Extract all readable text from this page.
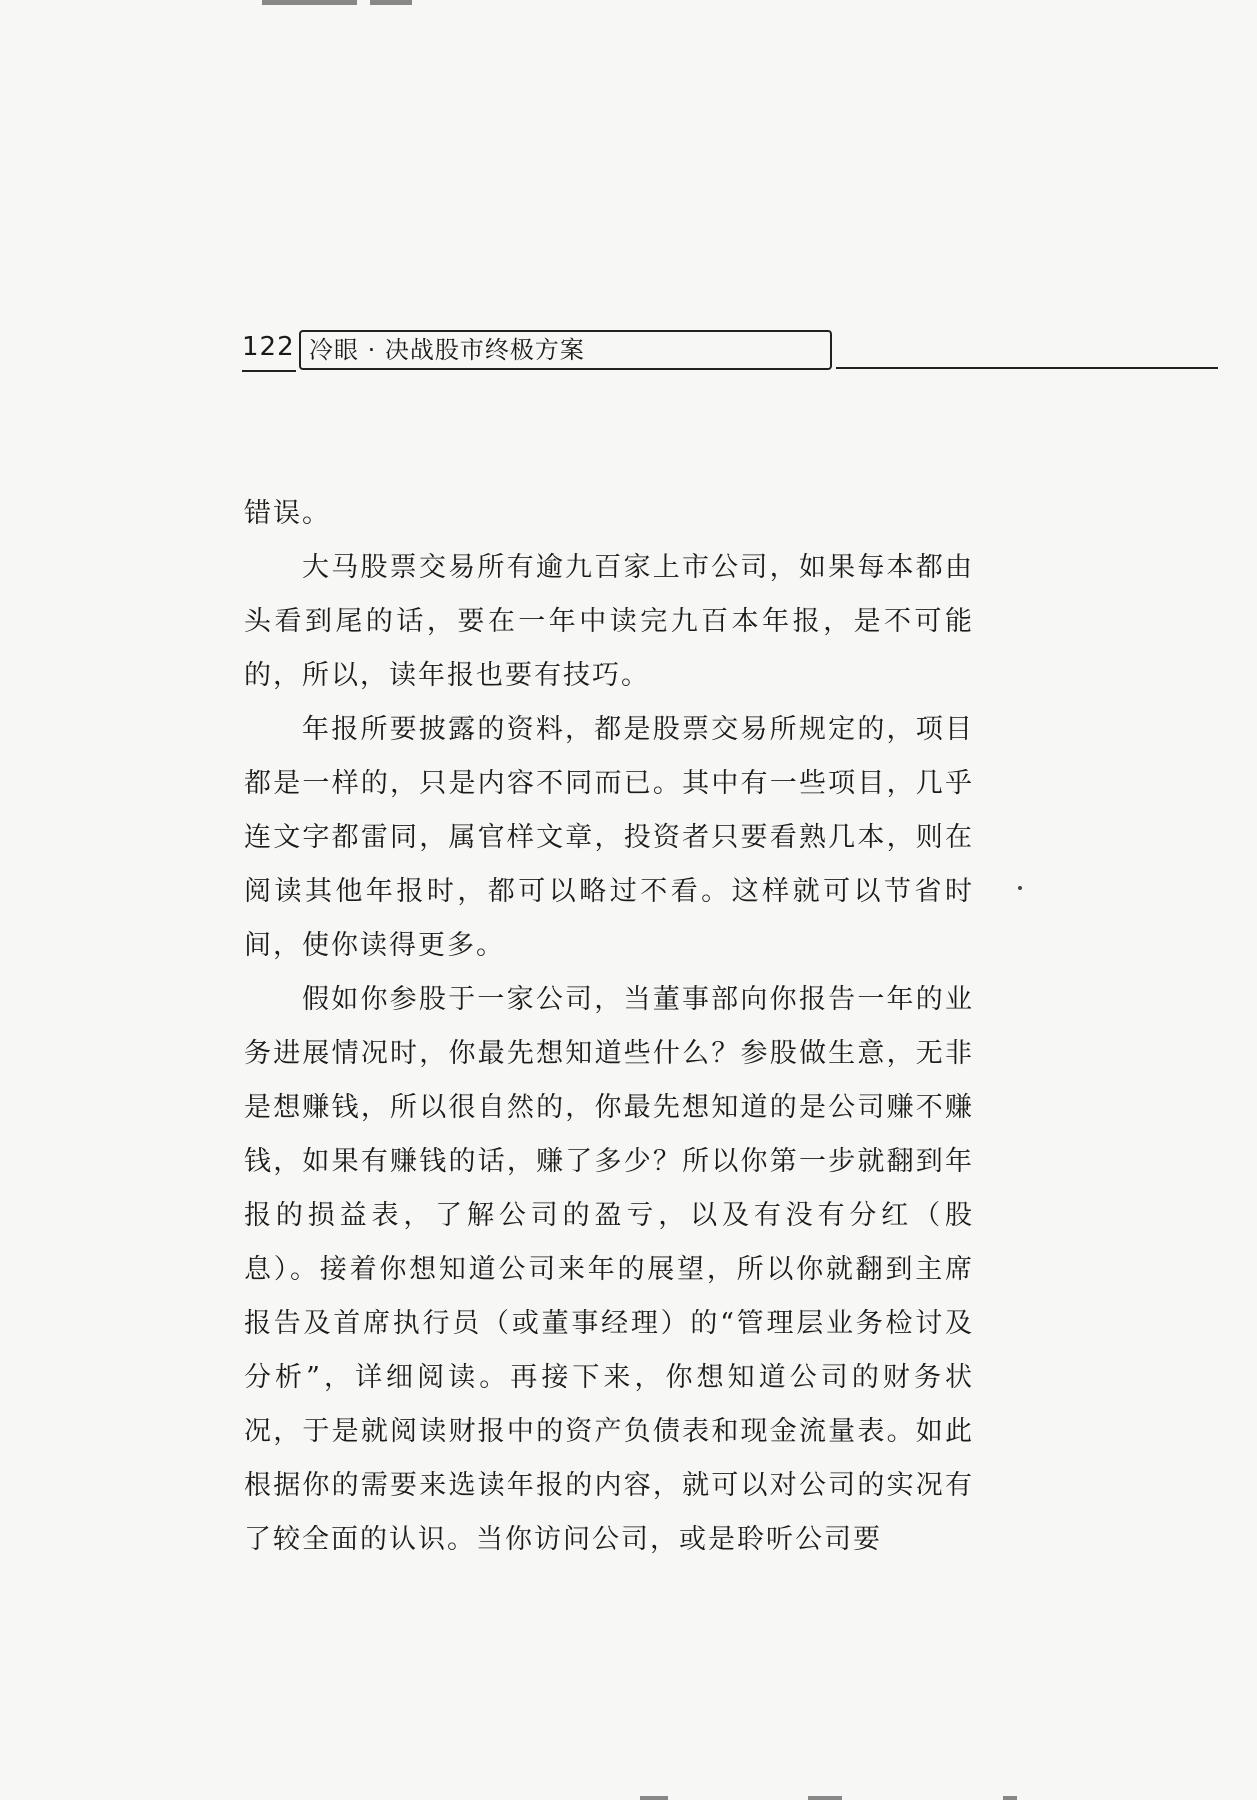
122 冷眼 · 决战股市终极方案

错误。

大马股票交易所有逾九百家上市公司，如果每本都由头看到尾的话，要在一年中读完九百本年报，是不可能的，所以，读年报也要有技巧。

年报所要披露的资料，都是股票交易所规定的，项目都是一样的，只是内容不同而已。其中有一些项目，几乎连文字都雷同，属官样文章，投资者只要看熟几本，则在阅读其他年报时，都可以略过不看。这样就可以节省时间，使你读得更多。

假如你参股于一家公司，当董事部向你报告一年的业务进展情况时，你最先想知道些什么？参股做生意，无非是想赚钱，所以很自然的，你最先想知道的是公司赚不赚钱，如果有赚钱的话，赚了多少？所以你第一步就翻到年报的损益表，了解公司的盈亏，以及有没有分红（股息）。接着你想知道公司来年的展望，所以你就翻到主席报告及首席执行员（或董事经理）的“管理层业务检讨及分析”，详细阅读。再接下来，你想知道公司的财务状况，于是就阅读财报中的资产负债表和现金流量表。如此根据你的需要来选读年报的内容，就可以对公司的实况有了较全面的认识。当你访问公司，或是聆听公司要
